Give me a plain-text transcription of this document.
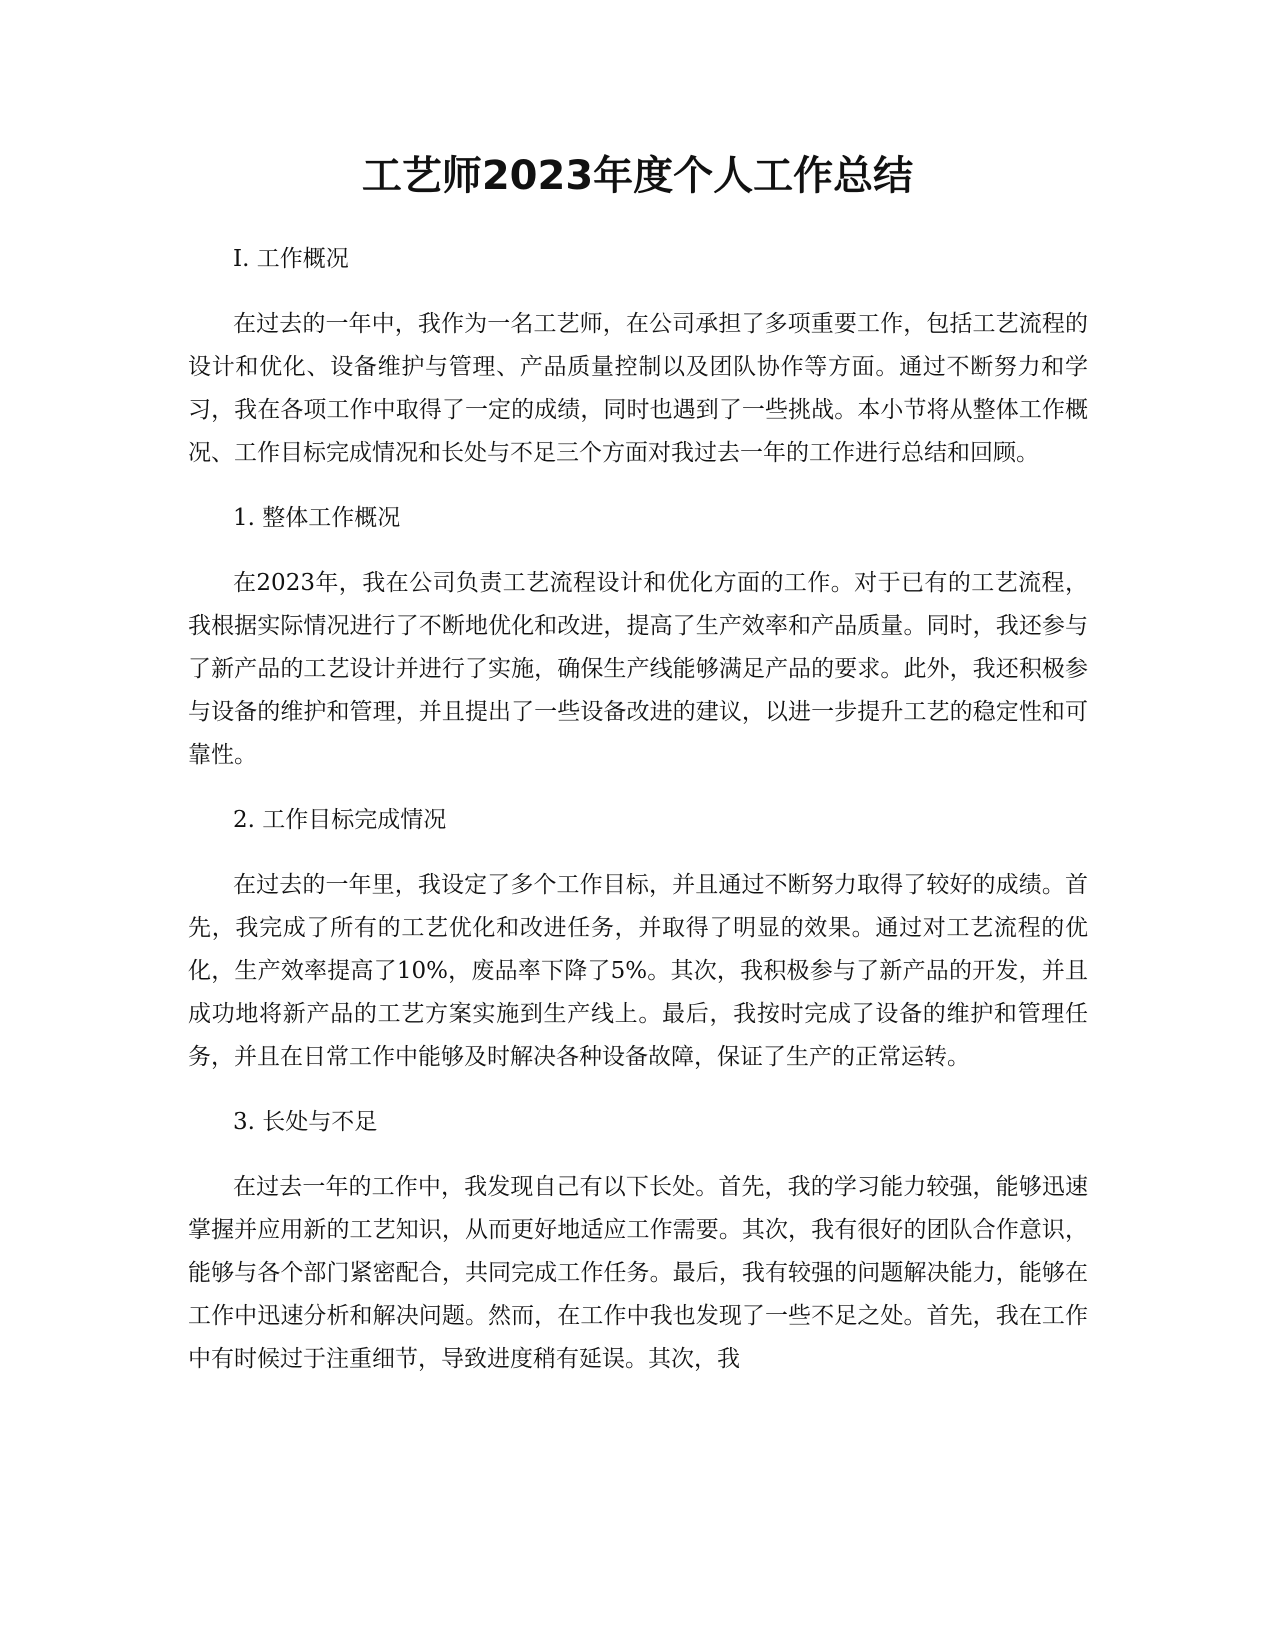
工艺师2023年度个人工作总结

I. 工作概况

在过去的一年中，我作为一名工艺师，在公司承担了多项重要工作，包括工艺流程的设计和优化、设备维护与管理、产品质量控制以及团队协作等方面。通过不断努力和学习，我在各项工作中取得了一定的成绩，同时也遇到了一些挑战。本小节将从整体工作概况、工作目标完成情况和长处与不足三个方面对我过去一年的工作进行总结和回顾。

1. 整体工作概况

在2023年，我在公司负责工艺流程设计和优化方面的工作。对于已有的工艺流程，我根据实际情况进行了不断地优化和改进，提高了生产效率和产品质量。同时，我还参与了新产品的工艺设计并进行了实施，确保生产线能够满足产品的要求。此外，我还积极参与设备的维护和管理，并且提出了一些设备改进的建议，以进一步提升工艺的稳定性和可靠性。

2. 工作目标完成情况

在过去的一年里，我设定了多个工作目标，并且通过不断努力取得了较好的成绩。首先，我完成了所有的工艺优化和改进任务，并取得了明显的效果。通过对工艺流程的优化，生产效率提高了10%，废品率下降了5%。其次，我积极参与了新产品的开发，并且成功地将新产品的工艺方案实施到生产线上。最后，我按时完成了设备的维护和管理任务，并且在日常工作中能够及时解决各种设备故障，保证了生产的正常运转。

3. 长处与不足

在过去一年的工作中，我发现自己有以下长处。首先，我的学习能力较强，能够迅速掌握并应用新的工艺知识，从而更好地适应工作需要。其次，我有很好的团队合作意识，能够与各个部门紧密配合，共同完成工作任务。最后，我有较强的问题解决能力，能够在工作中迅速分析和解决问题。然而，在工作中我也发现了一些不足之处。首先，我在工作中有时候过于注重细节，导致进度稍有延误。其次，我
